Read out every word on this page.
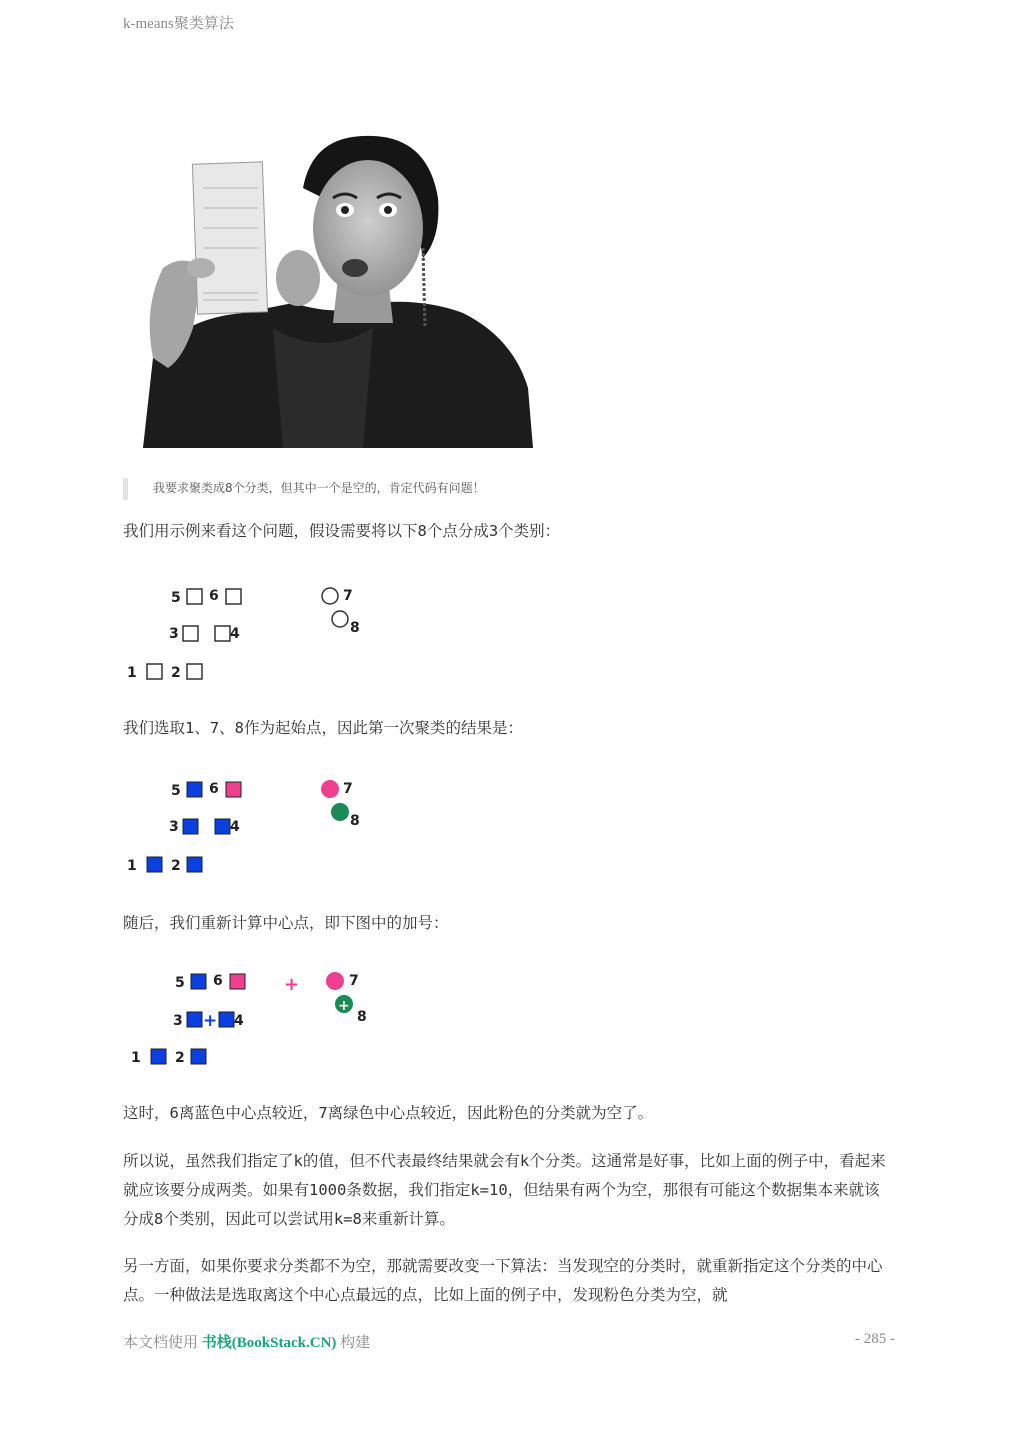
k-means聚类算法
我要求聚类成8个分类，但其中一个是空的，肯定代码有问题！

我们用示例来看这个问题，假设需要将以下8个点分成3个类别：

5 6	7
3	4	8
1 2

我们选取1、7、8作为起始点，因此第一次聚类的结果是：

5 6	7
3	4	8
1 2

随后，我们重新计算中心点，即下图中的加号：

5 6	+	7
3 + 4
+
8
1 2

这时，6离蓝色中心点较近，7离绿色中心点较近，因此粉色的分类就为空了。

所以说，虽然我们指定了k的值，但不代表最终结果就会有k个分类。这通常是好事，比如上面的例子中，看起来就应该要分成两类。如果有1000条数据，我们指定k=10，但结果有两个为空，那很有可能这个数据集本来就该分成8个类别，因此可以尝试用k=8来重新计算。

另一方面，如果你要求分类都不为空，那就需要改变一下算法：当发现空的分类时，就重新指定这个分类的中心点。一种做法是选取离这个中心点最远的点，比如上面的例子中，发现粉色分类为空，就

本文档使用 书栈(BookStack.CN) 构建	- 285 -
